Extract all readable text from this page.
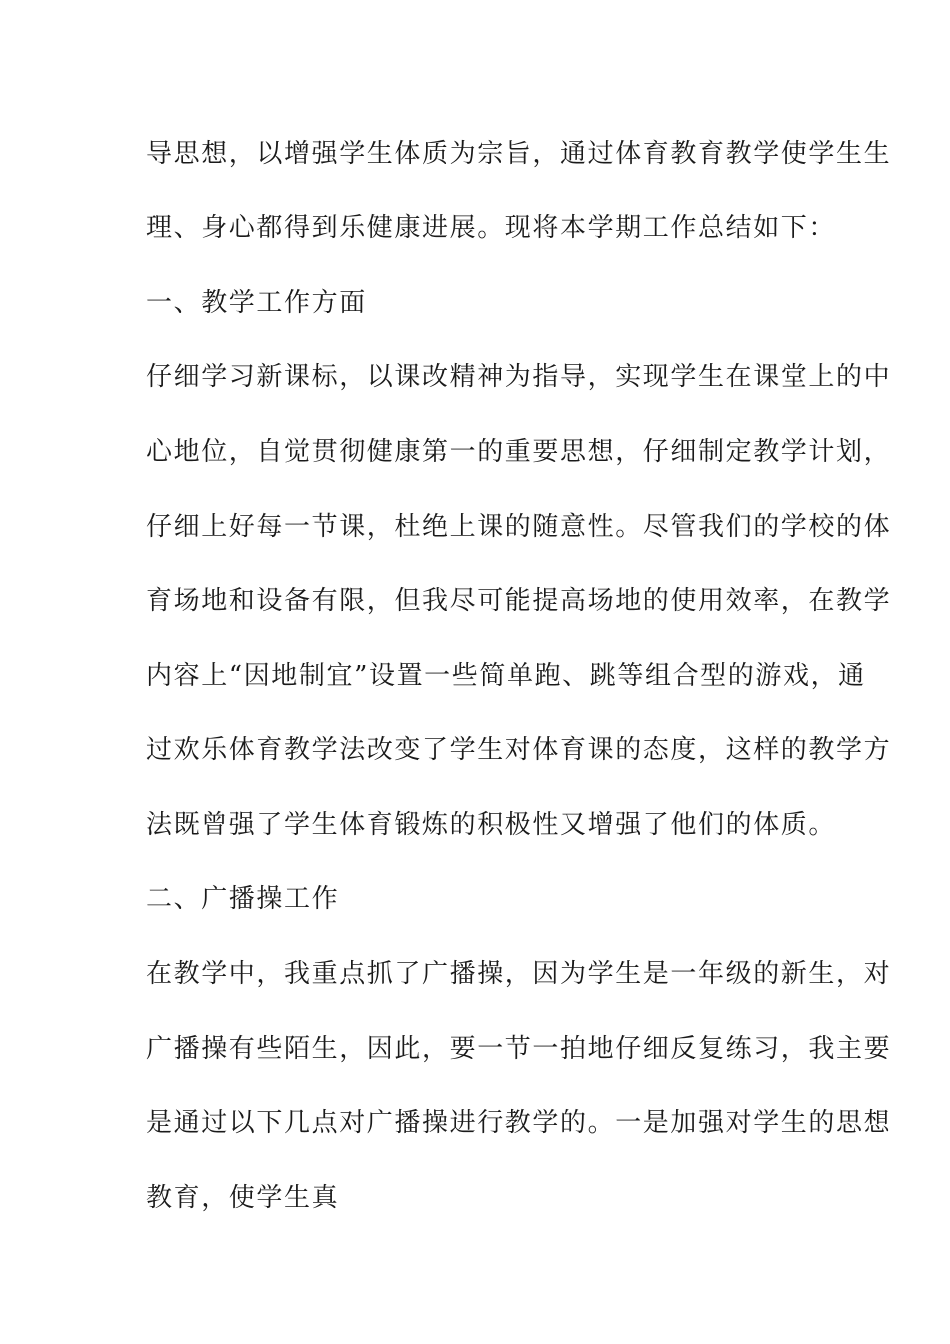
导思想，以增强学生体质为宗旨，通过体育教育教学使学生生
理、身心都得到乐健康进展。现将本学期工作总结如下：
一、教学工作方面
仔细学习新课标，以课改精神为指导，实现学生在课堂上的中
心地位，自觉贯彻健康第一的重要思想，仔细制定教学计划，
仔细上好每一节课，杜绝上课的随意性。尽管我们的学校的体
育场地和设备有限，但我尽可能提高场地的使用效率，在教学
内容上“因地制宜”设置一些简单跑、跳等组合型的游戏，通
过欢乐体育教学法改变了学生对体育课的态度，这样的教学方
法既曾强了学生体育锻炼的积极性又增强了他们的体质。
二、广播操工作
在教学中，我重点抓了广播操，因为学生是一年级的新生，对
广播操有些陌生，因此，要一节一拍地仔细反复练习，我主要
是通过以下几点对广播操进行教学的。一是加强对学生的思想
教育，使学生真
